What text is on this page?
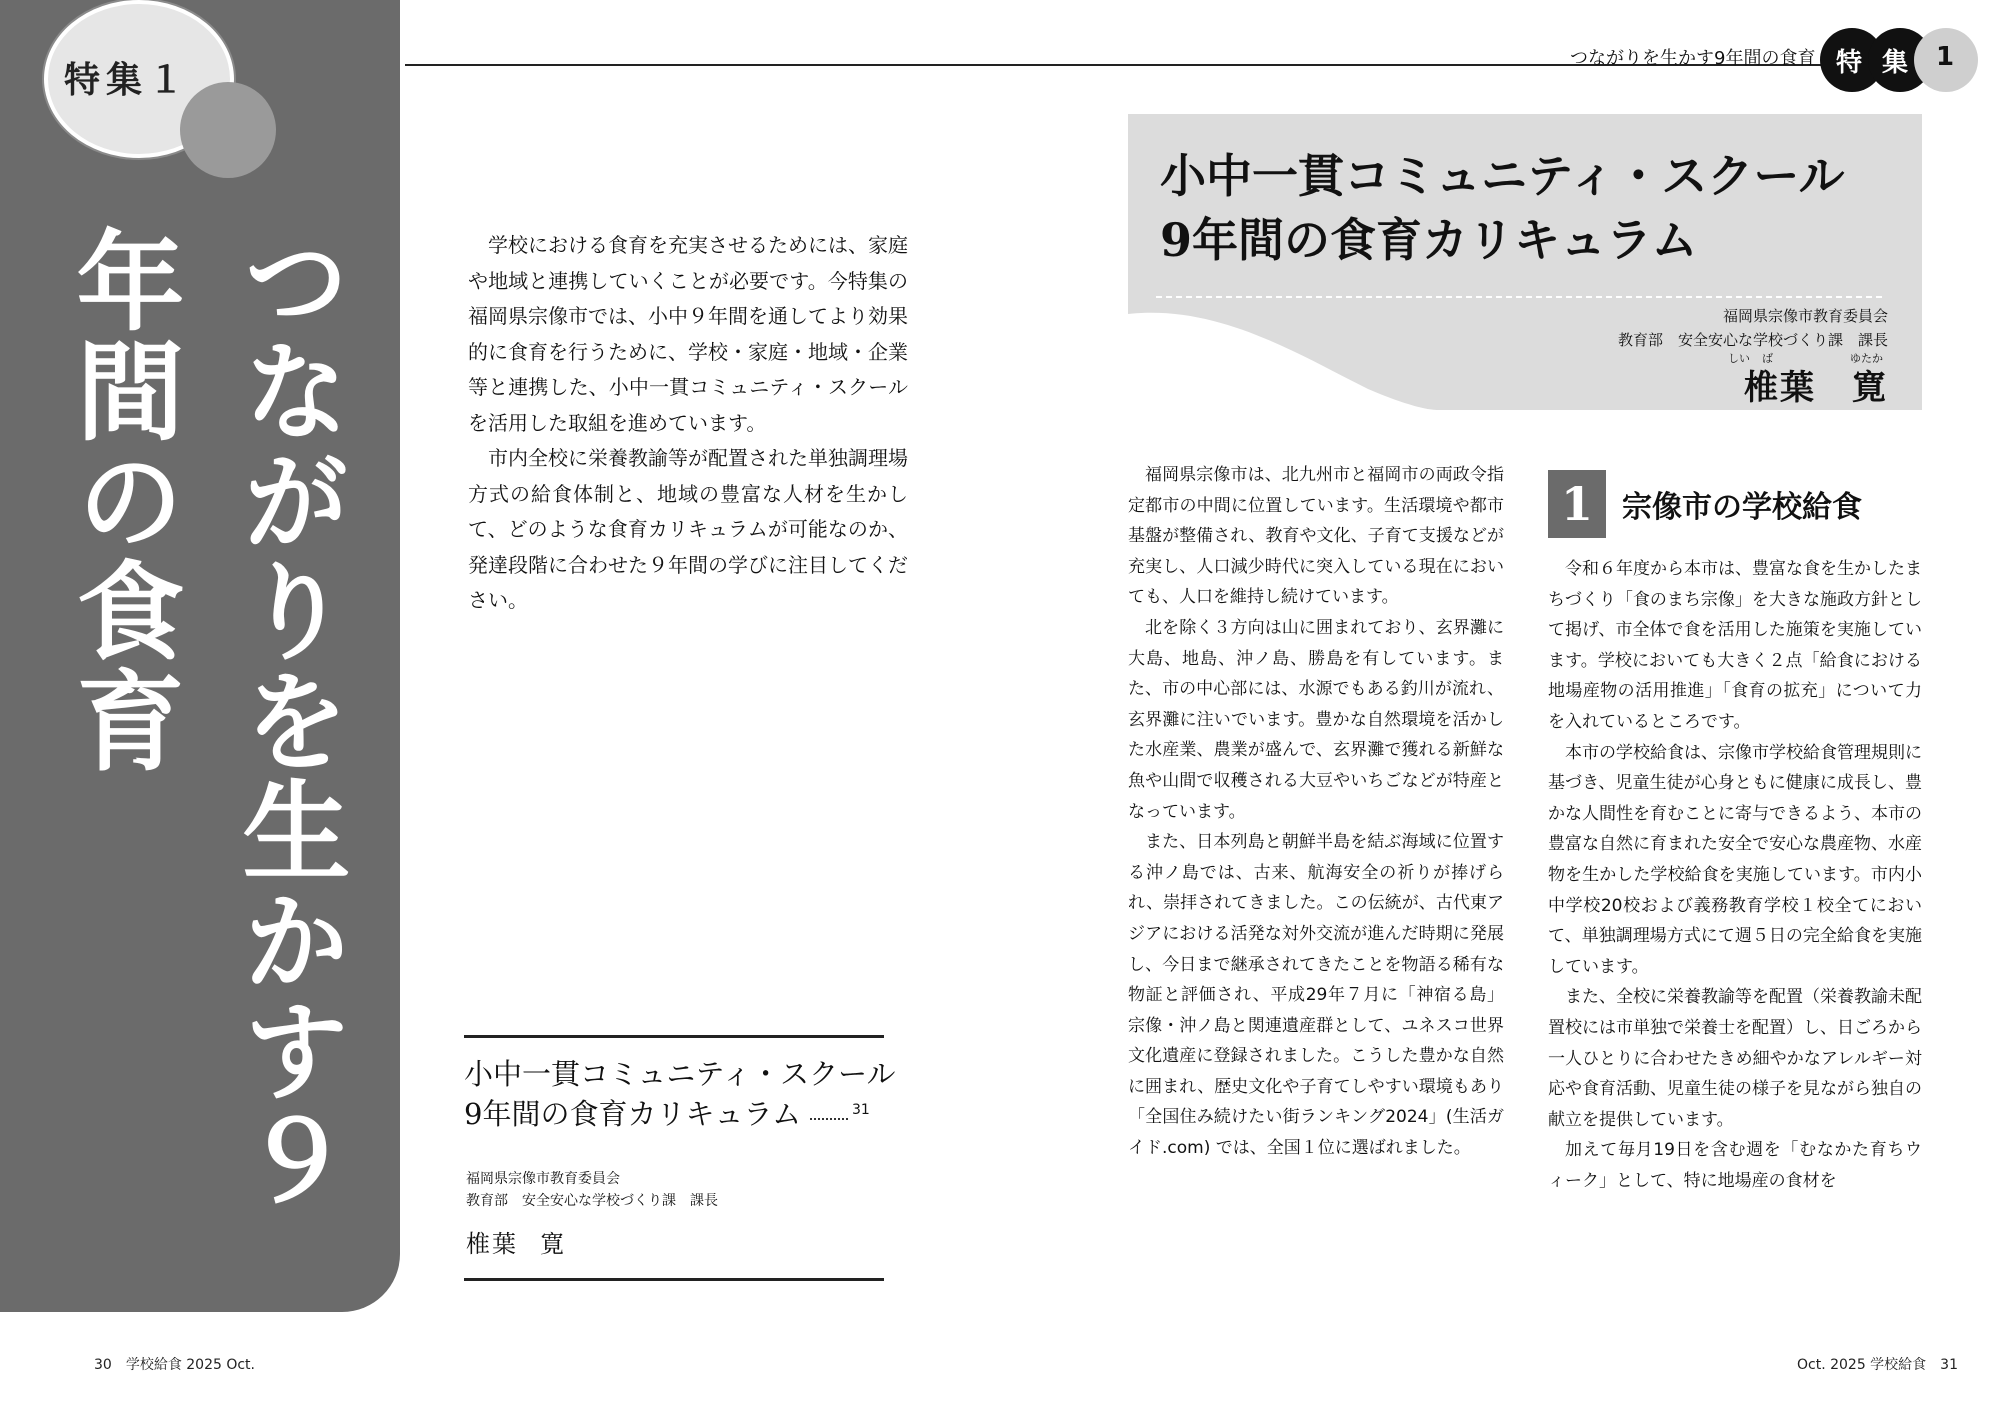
特集１
つながりを生かす９年間の食育
つながりを生かす9年間の食育 特 集 1

学校における食育を充実させるためには、家庭や地域と連携していくことが必要です。今特集の福岡県宗像市では、小中９年間を通してより効果的に食育を行うために、学校・家庭・地域・企業等と連携した、小中一貫コミュニティ・スクールを活用した取組を進めています。

市内全校に栄養教諭等が配置された単独調理場方式の給食体制と、地域の豊富な人材を生かして、どのような食育カリキュラムが可能なのか、発達段階に合わせた９年間の学びに注目してください。

小中一貫コミュニティ・スクール
9年間の食育カリキュラム	31
福岡県宗像市教育委員会
教育部　安全安心な学校づくり課　課長
椎葉 寛
小中一貫コミュニティ・スクール
9年間の食育カリキュラム
福岡県宗像市教育委員会
教育部　安全安心な学校づくり課　課長
しい ば	ゆたか
椎葉　寛

福岡県宗像市は、北九州市と福岡市の両政令指定都市の中間に位置しています。生活環境や都市基盤が整備され、教育や文化、子育て支援などが充実し、人口減少時代に突入している現在においても、人口を維持し続けています。

北を除く３方向は山に囲まれており、玄界灘に大島、地島、沖ノ島、勝島を有しています。また、市の中心部には、水源でもある釣川が流れ、玄界灘に注いでいます。豊かな自然環境を活かした水産業、農業が盛んで、玄界灘で獲れる新鮮な魚や山間で収穫される大豆やいちごなどが特産となっています。

また、日本列島と朝鮮半島を結ぶ海域に位置する沖ノ島では、古来、航海安全の祈りが捧げられ、崇拝されてきました。この伝統が、古代東アジアにおける活発な対外交流が進んだ時期に発展し、今日まで継承されてきたことを物語る稀有な物証と評価され、平成29年７月に「神宿る島」宗像・沖ノ島と関連遺産群として、ユネスコ世界文化遺産に登録されました。こうした豊かな自然に囲まれ、歴史文化や子育てしやすい環境もあり「全国住み続けたい街ランキング2024」(生活ガイド.com) では、全国１位に選ばれました。

1 宗像市の学校給食

令和６年度から本市は、豊富な食を生かしたまちづくり「食のまち宗像」を大きな施政方針として掲げ、市全体で食を活用した施策を実施しています。学校においても大きく２点「給食における地場産物の活用推進」「食育の拡充」について力を入れているところです。

本市の学校給食は、宗像市学校給食管理規則に基づき、児童生徒が心身ともに健康に成長し、豊かな人間性を育むことに寄与できるよう、本市の豊富な自然に育まれた安全で安心な農産物、水産物を生かした学校給食を実施しています。市内小中学校20校および義務教育学校１校全てにおいて、単独調理場方式にて週５日の完全給食を実施しています。

また、全校に栄養教諭等を配置（栄養教諭未配置校には市単独で栄養士を配置）し、日ごろから一人ひとりに合わせたきめ細やかなアレルギー対応や食育活動、児童生徒の様子を見ながら独自の献立を提供しています。

加えて毎月19日を含む週を「むなかた育ちウィーク」として、特に地場産の食材を

30　学校給食 2025 Oct.	Oct. 2025 学校給食　31
